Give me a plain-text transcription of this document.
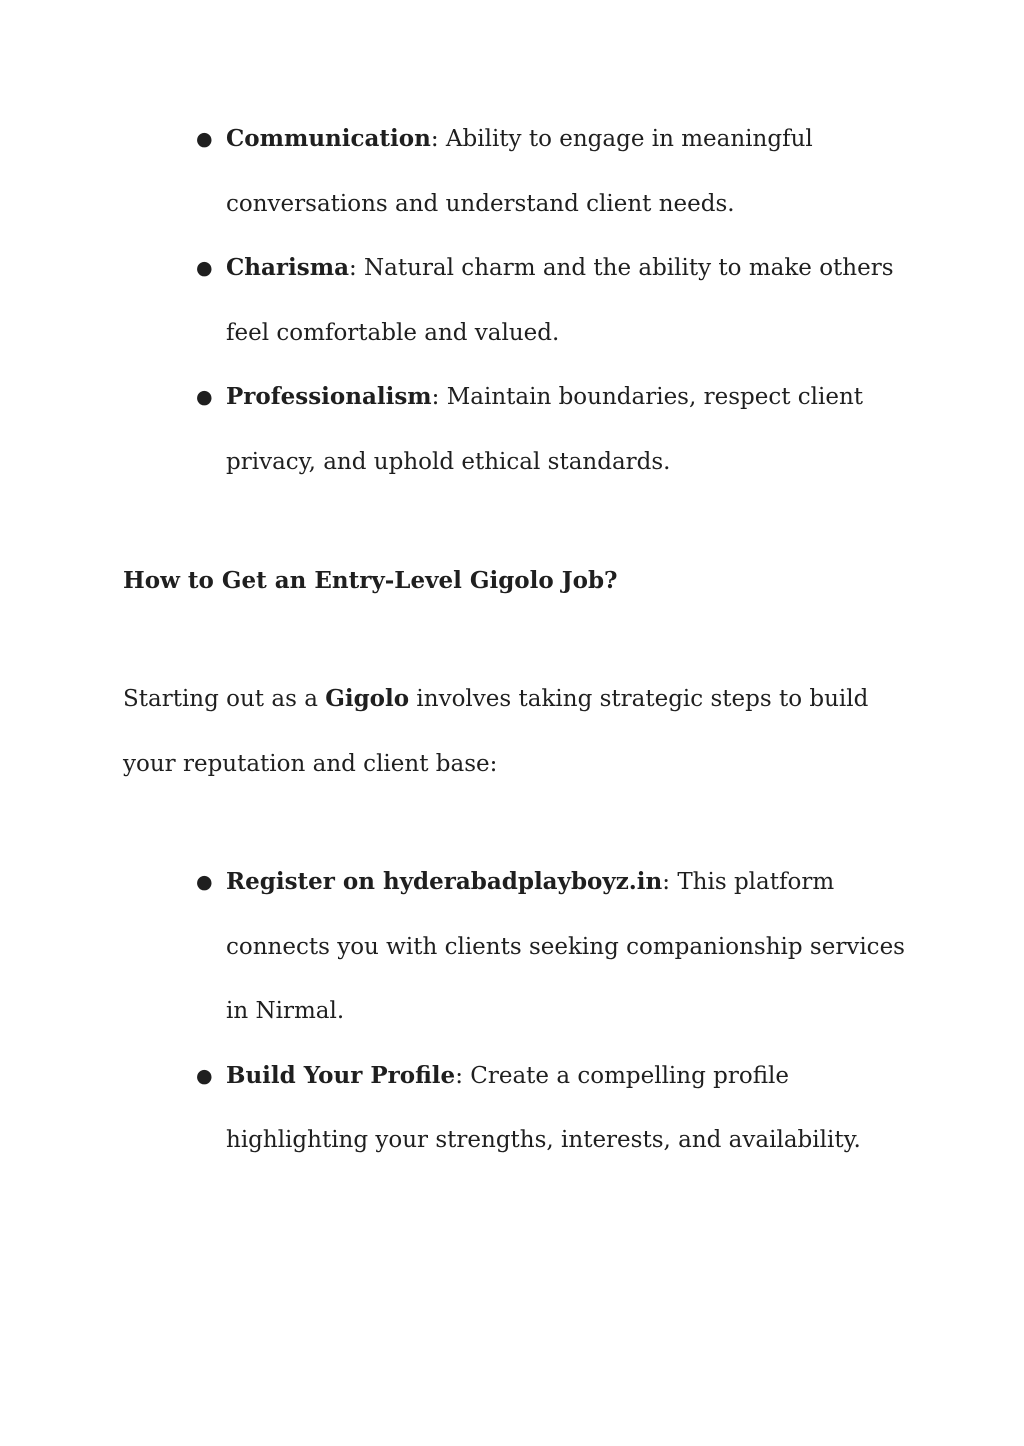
● Communication: Ability to engage in meaningful conversations and understand client needs.
● Charisma: Natural charm and the ability to make others feel comfortable and valued.
● Professionalism: Maintain boundaries, respect client privacy, and uphold ethical standards.
How to Get an Entry-Level Gigolo Job?

Starting out as a Gigolo involves taking strategic steps to build your reputation and client base:

● Register on hyderabadplayboyz.in: This platform connects you with clients seeking companionship services in Nirmal.
● Build Your Profile: Create a compelling profile highlighting your strengths, interests, and availability.
